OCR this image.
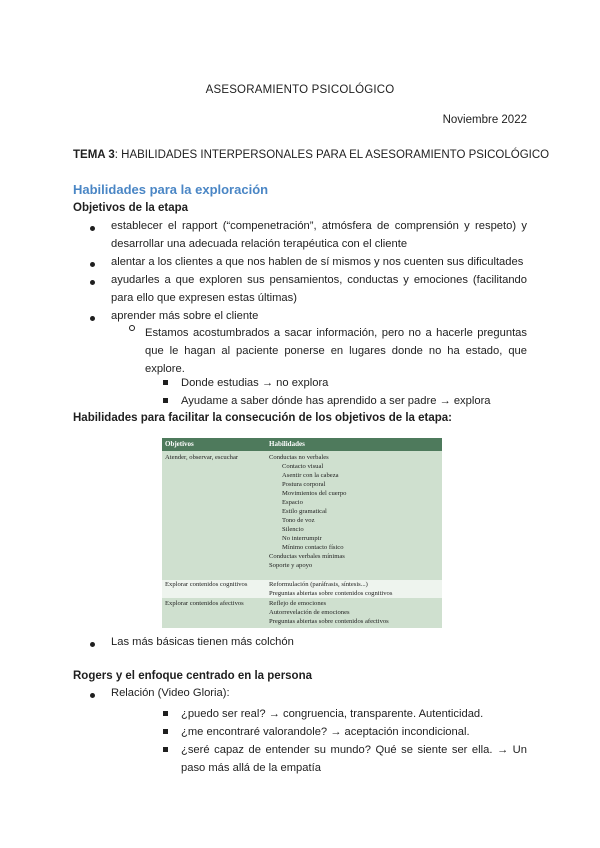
ASESORAMIENTO PSICOLÓGICO
Noviembre 2022
TEMA 3: HABILIDADES INTERPERSONALES PARA EL ASESORAMIENTO PSICOLÓGICO
Habilidades para la exploración
Objetivos de la etapa
establecer el rapport (“compenetración”, atmósfera de comprensión y respeto) y
desarrollar una adecuada relación terapéutica con el cliente
alentar a los clientes a que nos hablen de sí mismos y nos cuenten sus dificultades
ayudarles a que exploren sus pensamientos, conductas y emociones (facilitando
para ello que expresen estas últimas)
aprender más sobre el cliente
Estamos acostumbrados a sacar información, pero no a hacerle preguntas
que le hagan al paciente ponerse en lugares donde no ha estado, que
explore.
Donde estudias → no explora
Ayudame a saber dónde has aprendido a ser padre → explora
Habilidades para facilitar la consecución de los objetivos de la etapa:
Objetivos	Habilidades
Atender, observar, escuchar	Conductas no verbales
Contacto visual
Asentir con la cabeza
Postura corporal
Movimientos del cuerpo
Espacio
Estilo gramatical
Tono de voz
Silencio
No interrumpir
Mínimo contacto físico
Conductas verbales mínimas
Soporte y apoyo
Explorar contenidos cognitivos	Reformulación (paráfrasis, síntesis...)
Preguntas abiertas sobre contenidos cognitivos
Explorar contenidos afectivos	Reflejo de emociones
Autorrevelación de emociones
Preguntas abiertas sobre contenidos afectivos
Las más básicas tienen más colchón
Rogers y el enfoque centrado en la persona
Relación (Video Gloria):
¿puedo ser real? → congruencia, transparente. Autenticidad.
¿me encontraré valorandole? → aceptación incondicional.
¿seré capaz de entender su mundo? Qué se siente ser ella. → Un
paso más allá de la empatía
